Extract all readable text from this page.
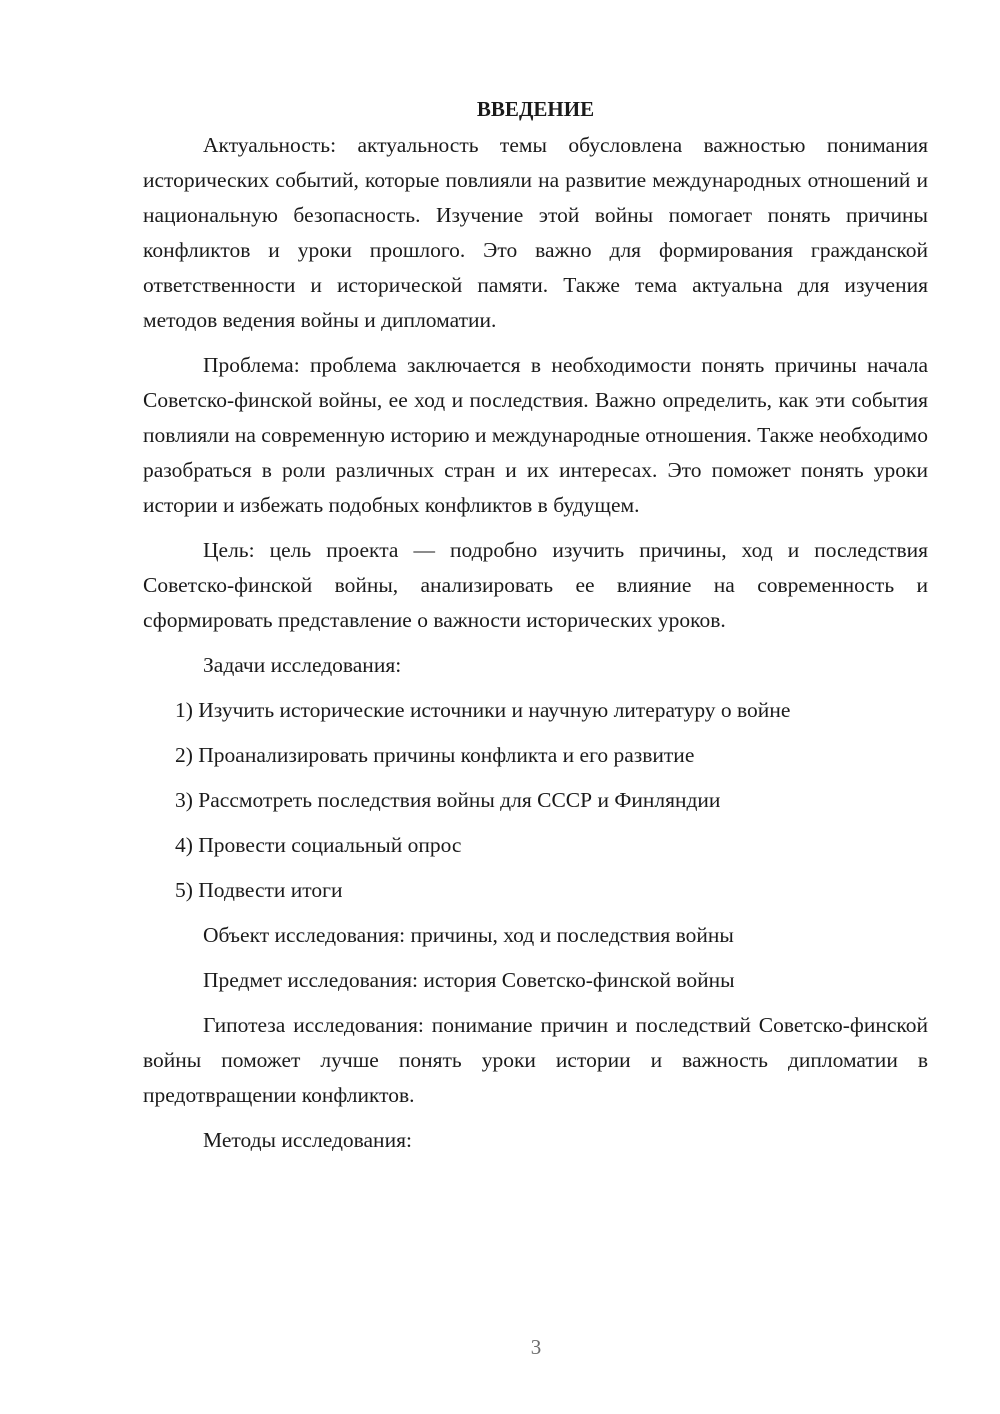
ВВЕДЕНИЕ

Актуальность: актуальность темы обусловлена важностью понимания исторических событий, которые повлияли на развитие международных отношений и национальную безопасность. Изучение этой войны помогает понять причины конфликтов и уроки прошлого. Это важно для формирования гражданской ответственности и исторической памяти. Также тема актуальна для изучения методов ведения войны и дипломатии.

Проблема: проблема заключается в необходимости понять причины начала Советско-финской войны, ее ход и последствия. Важно определить, как эти события повлияли на современную историю и международные отношения. Также необходимо разобраться в роли различных стран и их интересах. Это поможет понять уроки истории и избежать подобных конфликтов в будущем.

Цель: цель проекта — подробно изучить причины, ход и последствия Советско-финской войны, анализировать ее влияние на современность и сформировать представление о важности исторических уроков.

Задачи исследования:
1) Изучить исторические источники и научную литературу о войне
2) Проанализировать причины конфликта и его развитие
3) Рассмотреть последствия войны для СССР и Финляндии
4) Провести социальный опрос
5) Подвести итоги
Объект исследования: причины, ход и последствия войны
Предмет исследования: история Советско-финской войны

Гипотеза исследования: понимание причин и последствий Советско-финской войны поможет лучше понять уроки истории и важность дипломатии в предотвращении конфликтов.

Методы исследования:
3
